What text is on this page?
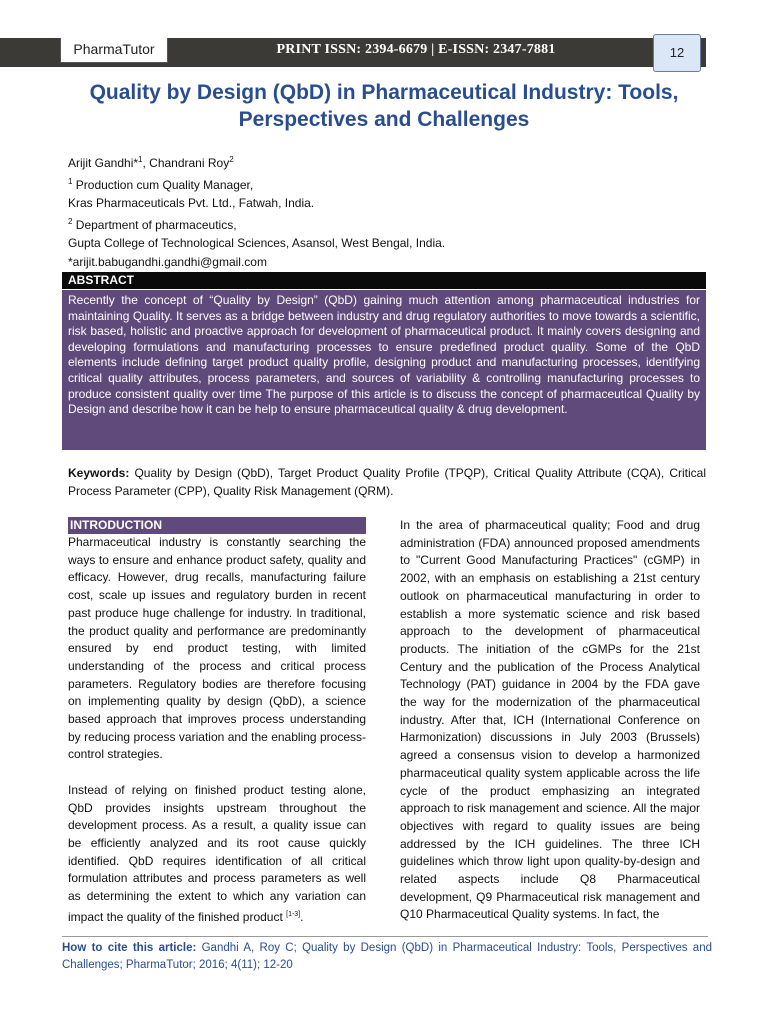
PharmaTutor	PRINT ISSN: 2394-6679 | E-ISSN: 2347-7881	12
Quality by Design (QbD) in Pharmaceutical Industry: Tools,
Perspectives and Challenges
Arijit Gandhi*$^1$, Chandrani Roy$^2$
$^1$ Production cum Quality Manager,
Kras Pharmaceuticals Pvt. Ltd., Fatwah, India.
$^2$ Department of pharmaceutics,
Gupta College of Technological Sciences, Asansol, West Bengal, India.
*arijit.babugandhi.gandhi@gmail.com
ABSTRACT
Recently the concept of “Quality by Design” (QbD) gaining much attention among pharmaceutical industries for maintaining Quality. It serves as a bridge between industry and drug regulatory authorities to move towards a scientific, risk based, holistic and proactive approach for development of pharmaceutical product. It mainly covers designing and developing formulations and manufacturing processes to ensure predefined product quality. Some of the QbD elements include defining target product quality profile, designing product and manufacturing processes, identifying critical quality attributes, process parameters, and sources of variability & controlling manufacturing processes to produce consistent quality over time The purpose of this article is to discuss the concept of pharmaceutical Quality by Design and describe how it can be help to ensure pharmaceutical quality & drug development.
Keywords: Quality by Design (QbD), Target Product Quality Profile (TPQP), Critical Quality Attribute (CQA), Critical Process Parameter (CPP), Quality Risk Management (QRM).
INTRODUCTION

Pharmaceutical industry is constantly searching the ways to ensure and enhance product safety, quality and efficacy. However, drug recalls, manufacturing failure cost, scale up issues and regulatory burden in recent past produce huge challenge for industry. In traditional, the product quality and performance are predominantly ensured by end product testing, with limited understanding of the process and critical process parameters. Regulatory bodies are therefore focusing on implementing quality by design (QbD), a science based approach that improves process understanding by reducing process variation and the enabling process-control strategies.

Instead of relying on finished product testing alone, QbD provides insights upstream throughout the development process. As a result, a quality issue can be efficiently analyzed and its root cause quickly identified. QbD requires identification of all critical formulation attributes and process parameters as well as determining the extent to which any variation can impact the quality of the finished product [1-3].

In the area of pharmaceutical quality; Food and drug administration (FDA) announced proposed amendments to "Current Good Manufacturing Practices" (cGMP) in 2002, with an emphasis on establishing a 21st century outlook on pharmaceutical manufacturing in order to establish a more systematic science and risk based approach to the development of pharmaceutical products. The initiation of the cGMPs for the 21st Century and the publication of the Process Analytical Technology (PAT) guidance in 2004 by the FDA gave the way for the modernization of the pharmaceutical industry. After that, ICH (International Conference on Harmonization) discussions in July 2003 (Brussels) agreed a consensus vision to develop a harmonized pharmaceutical quality system applicable across the life cycle of the product emphasizing an integrated approach to risk management and science. All the major objectives with regard to quality issues are being addressed by the ICH guidelines. The three ICH guidelines which throw light upon quality-by-design and related aspects include Q8 Pharmaceutical development, Q9 Pharmaceutical risk management and Q10 Pharmaceutical Quality systems. In fact, the

How to cite this article: Gandhi A, Roy C; Quality by Design (QbD) in Pharmaceutical Industry: Tools, Perspectives and Challenges; PharmaTutor; 2016; 4(11); 12-20
